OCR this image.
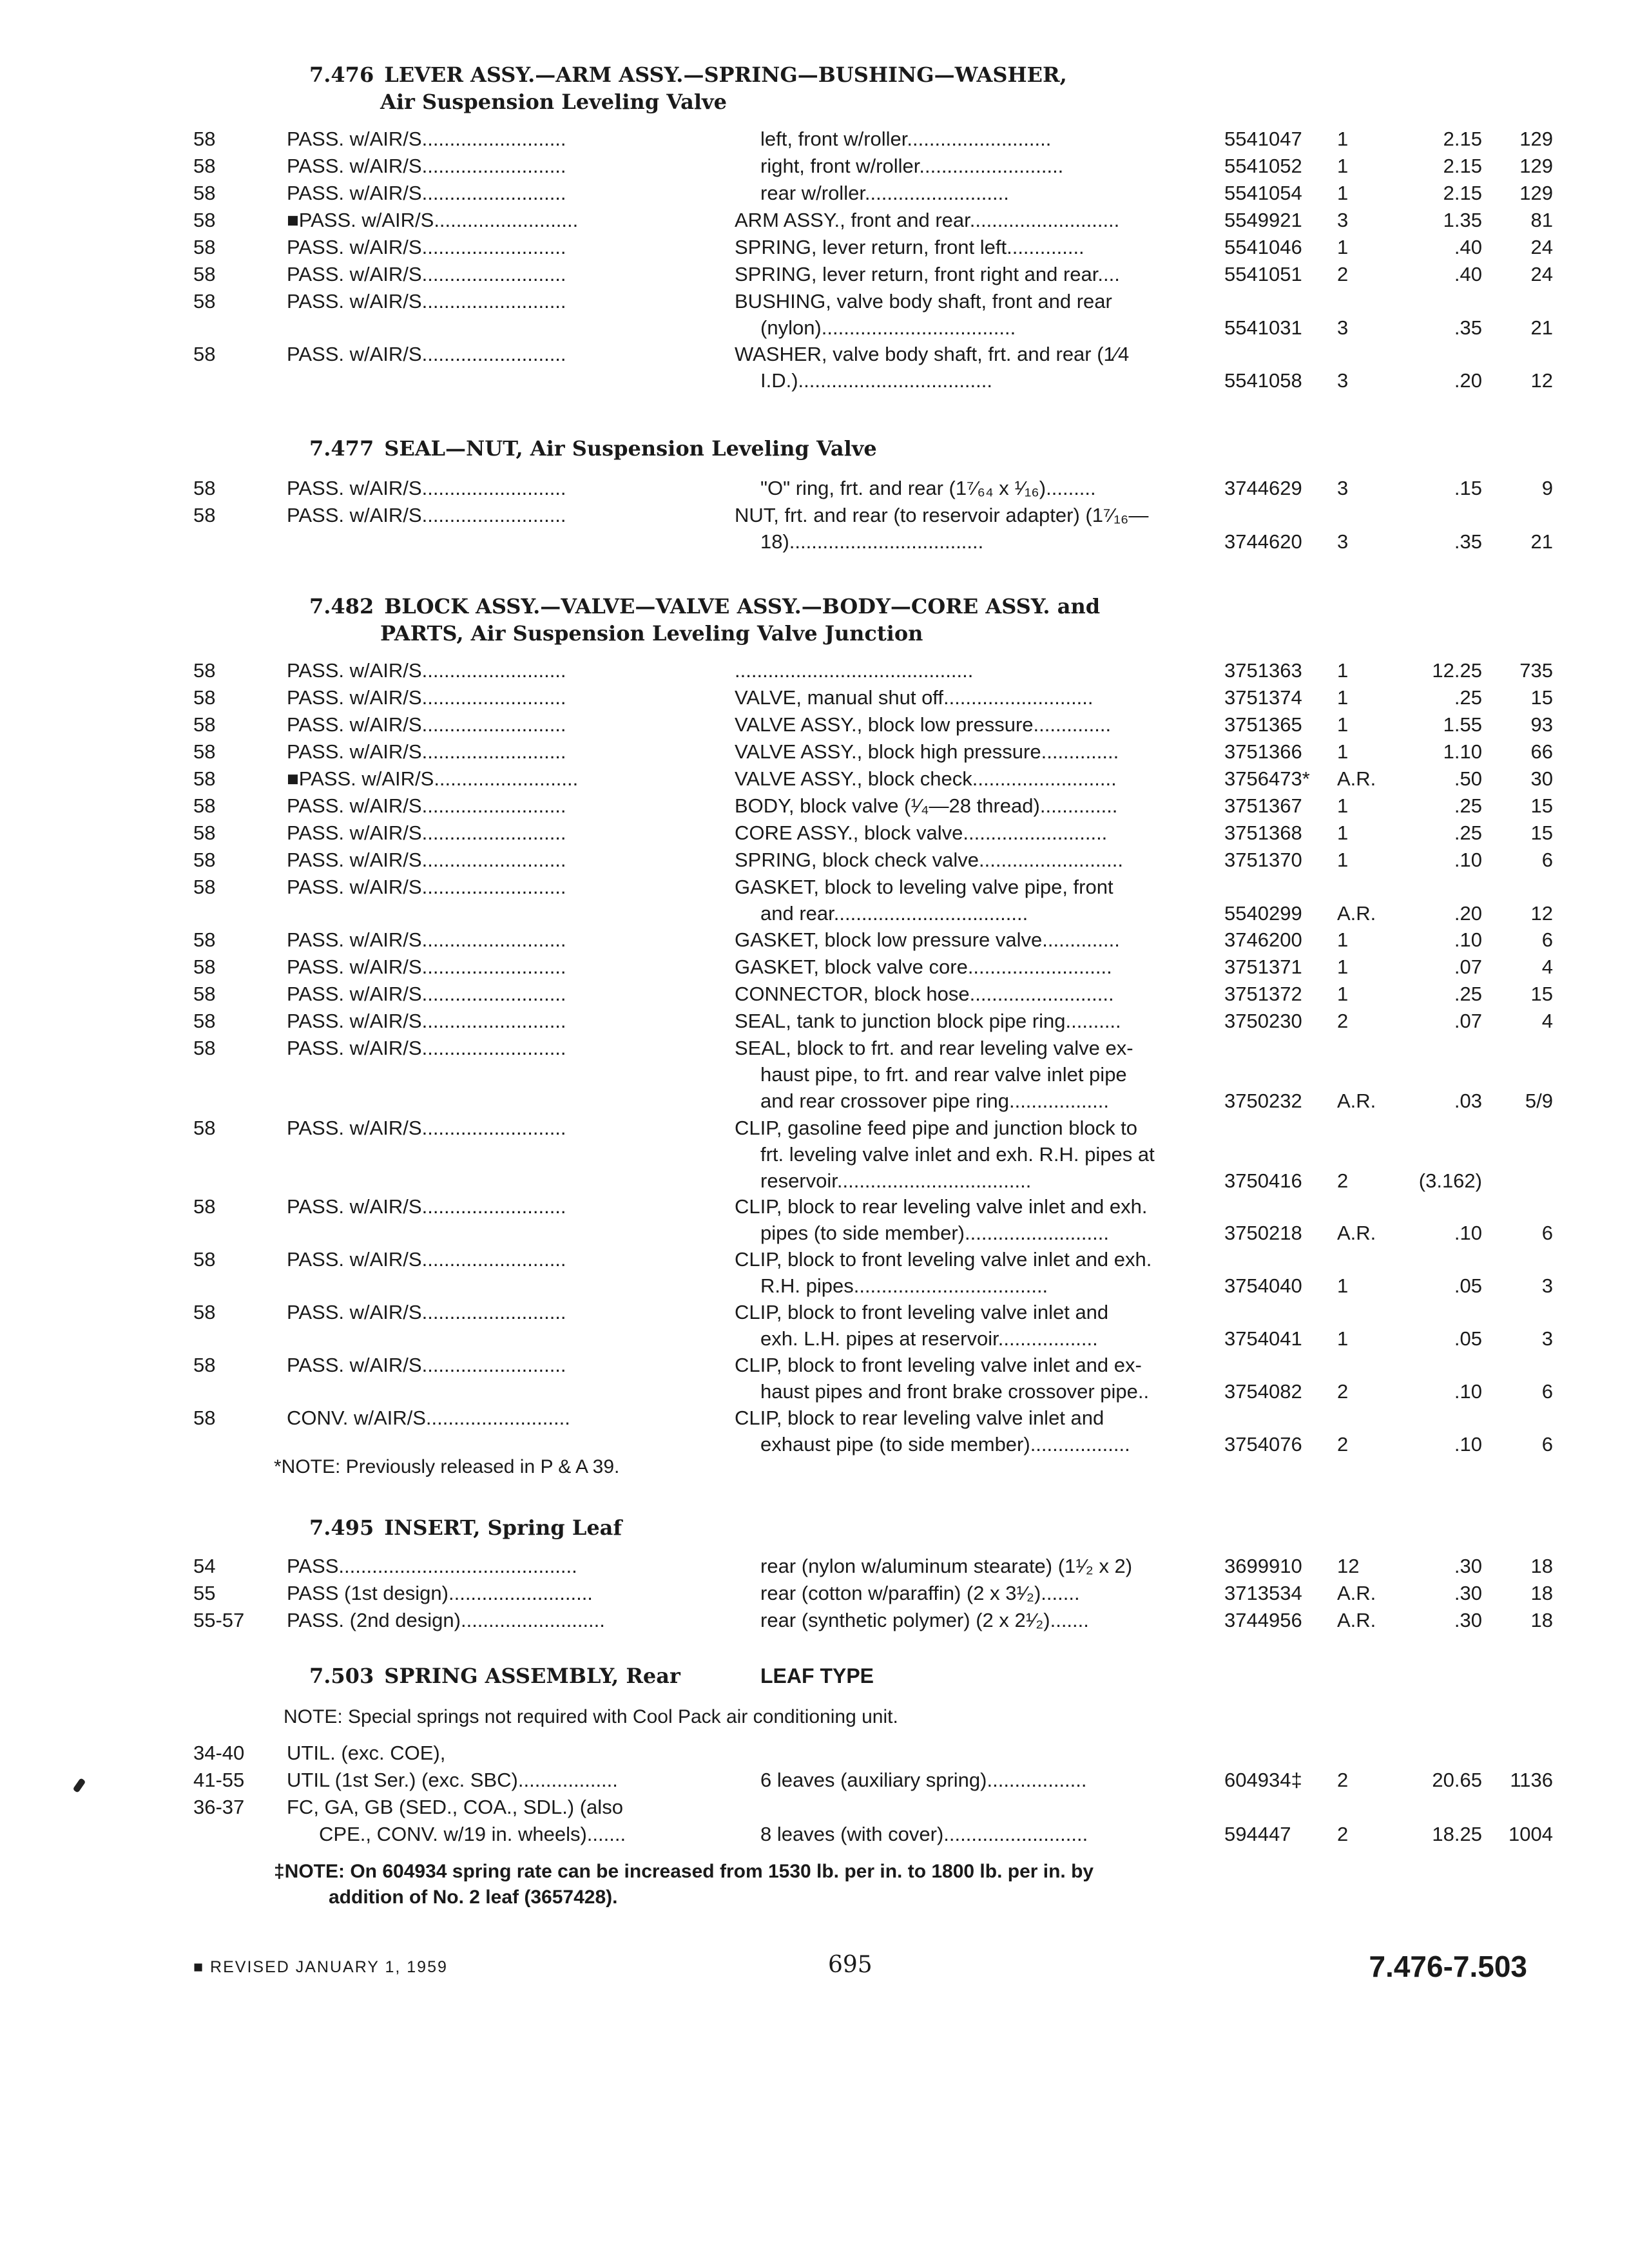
7.476 LEVER ASSY.—ARM ASSY.—SPRING—BUSHING—WASHER,
Air Suspension Leveling Valve
7.477 SEAL—NUT, Air Suspension Leveling Valve
7.482 BLOCK ASSY.—VALVE—VALVE ASSY.—BODY—CORE ASSY. and
PARTS, Air Suspension Leveling Valve Junction
7.495 INSERT, Spring Leaf
7.503 SPRING ASSEMBLY, Rear	LEAF TYPE
58	PASS. w/AIR/S..........................	left, front w/roller..........................	5541047 1	2.15	129
58	PASS. w/AIR/S..........................	right, front w/roller..........................	5541052 1	2.15	129
58	PASS. w/AIR/S..........................	rear w/roller..........................	5541054 1	2.15	129
58	■PASS. w/AIR/S..........................	ARM ASSY., front and rear...........................	5549921 3	1.35	81
58	PASS. w/AIR/S..........................	SPRING, lever return, front left..............	5541046 1	.40	24
58	PASS. w/AIR/S..........................	SPRING, lever return, front right and rear....	5541051 2	.40	24
58	PASS. w/AIR/S..........................	BUSHING, valve body shaft, front and rear
(nylon)...................................	5541031 3	.35	21
58	PASS. w/AIR/S..........................	WASHER, valve body shaft, frt. and rear (1⁄4
I.D.)...................................	5541058 3	.20	12
58	PASS. w/AIR/S..........................	"O" ring, frt. and rear (1⁷⁄₆₄ x ¹⁄₁₆).........	3744629 3	.15	9
58	PASS. w/AIR/S..........................	NUT, frt. and rear (to reservoir adapter) (1⁷⁄₁₆—
18)...................................	3744620 3	.35	21
58	PASS. w/AIR/S..........................	...........................................	3751363 1	12.25	735
58	PASS. w/AIR/S..........................	VALVE, manual shut off...........................	3751374 1	.25	15
58	PASS. w/AIR/S..........................	VALVE ASSY., block low pressure..............	3751365 1	1.55	93
58	PASS. w/AIR/S..........................	VALVE ASSY., block high pressure..............	3751366 1	1.10	66
58	■PASS. w/AIR/S..........................	VALVE ASSY., block check..........................	3756473* A.R.	.50	30
58	PASS. w/AIR/S..........................	BODY, block valve (¹⁄₄—28 thread)..............	3751367 1	.25	15
58	PASS. w/AIR/S..........................	CORE ASSY., block valve..........................	3751368 1	.25	15
58	PASS. w/AIR/S..........................	SPRING, block check valve..........................	3751370 1	.10	6
58	PASS. w/AIR/S..........................	GASKET, block to leveling valve pipe, front
and rear...................................	5540299 A.R.	.20	12
58	PASS. w/AIR/S..........................	GASKET, block low pressure valve..............	3746200 1	.10	6
58	PASS. w/AIR/S..........................	GASKET, block valve core..........................	3751371 1	.07	4
58	PASS. w/AIR/S..........................	CONNECTOR, block hose..........................	3751372 1	.25	15
58	PASS. w/AIR/S..........................	SEAL, tank to junction block pipe ring..........	3750230 2	.07	4
58	PASS. w/AIR/S..........................	SEAL, block to frt. and rear leveling valve ex-
haust pipe, to frt. and rear valve inlet pipe
and rear crossover pipe ring..................	3750232 A.R.	.03	5/9
58	PASS. w/AIR/S..........................	CLIP, gasoline feed pipe and junction block to
frt. leveling valve inlet and exh. R.H. pipes at
reservoir...................................	3750416 2	(3.162)
58	PASS. w/AIR/S..........................	CLIP, block to rear leveling valve inlet and exh.
pipes (to side member)..........................	3750218 A.R.	.10	6
58	PASS. w/AIR/S..........................	CLIP, block to front leveling valve inlet and exh.
R.H. pipes...................................	3754040 1	.05	3
58	PASS. w/AIR/S..........................	CLIP, block to front leveling valve inlet and
exh. L.H. pipes at reservoir..................	3754041 1	.05	3
58	PASS. w/AIR/S..........................	CLIP, block to front leveling valve inlet and ex-
haust pipes and front brake crossover pipe..	3754082 2	.10	6
58	CONV. w/AIR/S..........................	CLIP, block to rear leveling valve inlet and
exhaust pipe (to side member)..................	3754076 2	.10	6
54	PASS...........................................	rear (nylon w/aluminum stearate) (1¹⁄₂ x 2)	3699910 12	.30	18
55	PASS (1st design)..........................	rear (cotton w/paraffin) (2 x 3¹⁄₂).......	3713534 A.R.	.30	18
55-57 PASS. (2nd design)..........................	rear (synthetic polymer) (2 x 2¹⁄₂).......	3744956 A.R.	.30	18
34-40 UTIL. (exc. COE),
41-55 UTIL (1st Ser.) (exc. SBC)..................	6 leaves (auxiliary spring)..................	604934‡ 2	20.65 1136
36-37 FC, GA, GB (SED., COA., SDL.) (also
CPE., CONV. w/19 in. wheels).......	8 leaves (with cover)..........................	594447 2	18.25 1004
*NOTE: Previously released in P & A 39.
NOTE: Special springs not required with Cool Pack air conditioning unit.
‡NOTE: On 604934 spring rate can be increased from 1530 lb. per in. to 1800 lb. per in. by
addition of No. 2 leaf (3657428).
■ REVISED JANUARY 1, 1959	695	7.476-7.503
